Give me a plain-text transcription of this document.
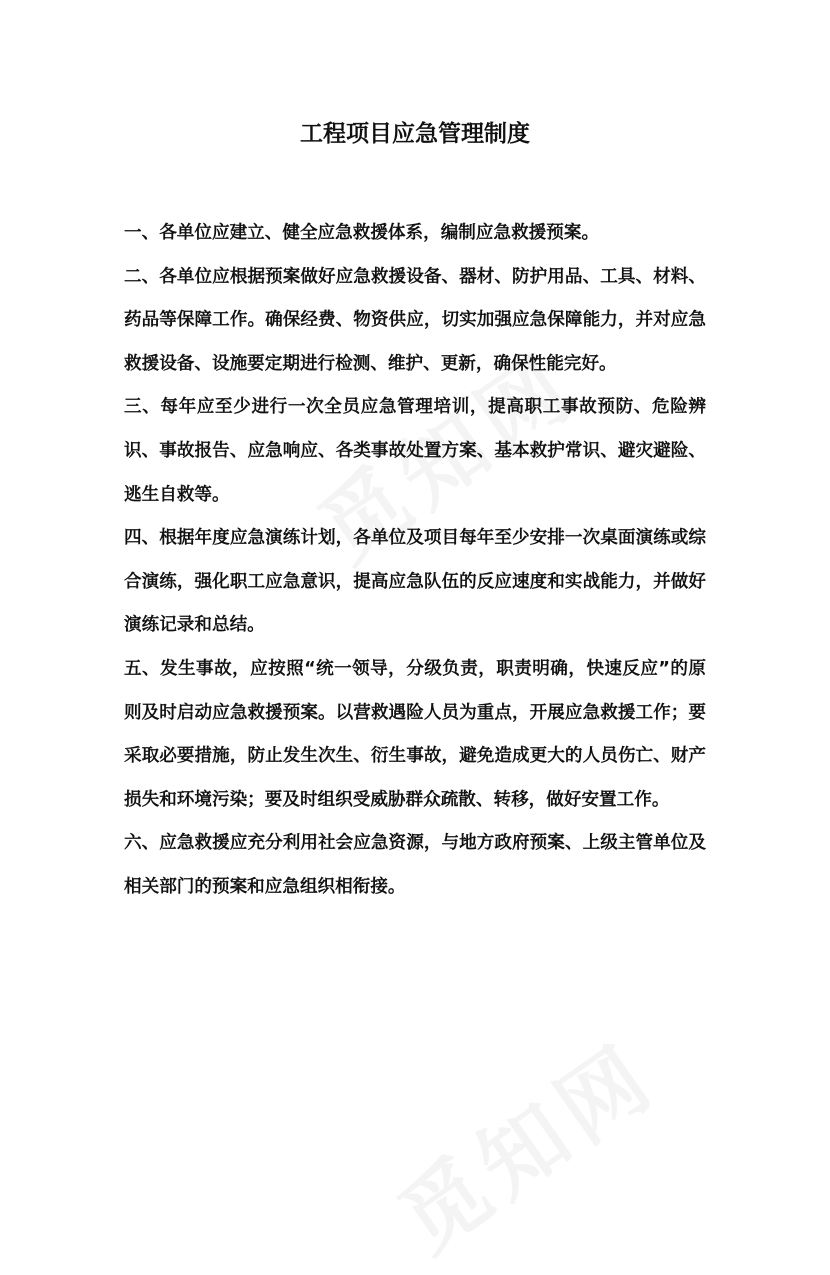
工程项目应急管理制度

一、各单位应建立、健全应急救援体系，编制应急救援预案。

二、各单位应根据预案做好应急救援设备、器材、防护用品、工具、材料、药品等保障工作。确保经费、物资供应，切实加强应急保障能力，并对应急救援设备、设施要定期进行检测、维护、更新，确保性能完好。

三、每年应至少进行一次全员应急管理培训，提高职工事故预防、危险辨识、事故报告、应急响应、各类事故处置方案、基本救护常识、避灾避险、逃生自救等。

四、根据年度应急演练计划，各单位及项目每年至少安排一次桌面演练或综合演练，强化职工应急意识，提高应急队伍的反应速度和实战能力，并做好演练记录和总结。

五、发生事故，应按照“统一领导，分级负责，职责明确，快速反应”的原则及时启动应急救援预案。以营救遇险人员为重点，开展应急救援工作；要采取必要措施，防止发生次生、衍生事故，避免造成更大的人员伤亡、财产损失和环境污染；要及时组织受威胁群众疏散、转移，做好安置工作。

六、应急救援应充分利用社会应急资源，与地方政府预案、上级主管单位及相关部门的预案和应急组织相衔接。
